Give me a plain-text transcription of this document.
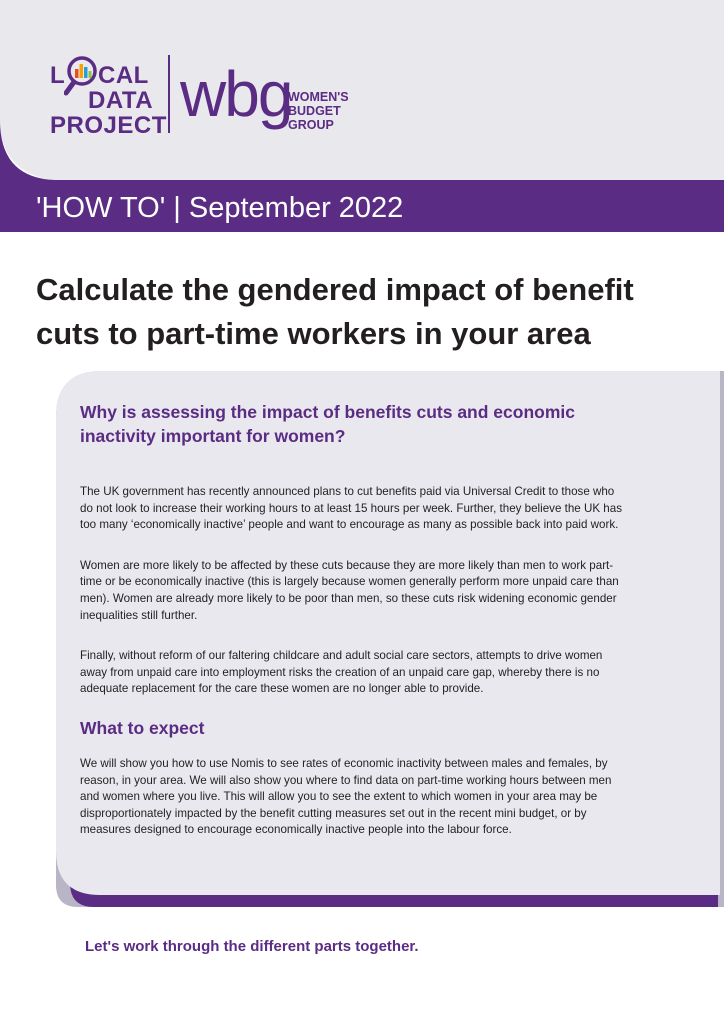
L CAL
DATA
PROJECT wbg
WOMEN'S
BUDGET
GROUP
'HOW TO' | September 2022
Calculate the gendered impact of benefit
cuts to part-time workers in your area
Why is assessing the impact of benefits cuts and economic
inactivity important for women?

The UK government has recently announced plans to cut benefits paid via Universal Credit to those who do not look to increase their working hours to at least 15 hours per week. Further, they believe the UK has too many ‘economically inactive’ people and want to encourage as many as possible back into paid work.

Women are more likely to be affected by these cuts because they are more likely than men to work part-time or be economically inactive (this is largely because women generally perform more unpaid care than men). Women are already more likely to be poor than men, so these cuts risk widening economic gender inequalities still further.

Finally, without reform of our faltering childcare and adult social care sectors, attempts to drive women away from unpaid care into employment risks the creation of an unpaid care gap, whereby there is no adequate replacement for the care these women are no longer able to provide.

What to expect

We will show you how to use Nomis to see rates of economic inactivity between males and females, by reason, in your area. We will also show you where to find data on part-time working hours between men and women where you live. This will allow you to see the extent to which women in your area may be disproportionately impacted by the benefit cutting measures set out in the recent mini budget, or by measures designed to encourage economically inactive people into the labour force.

Let's work through the different parts together.
